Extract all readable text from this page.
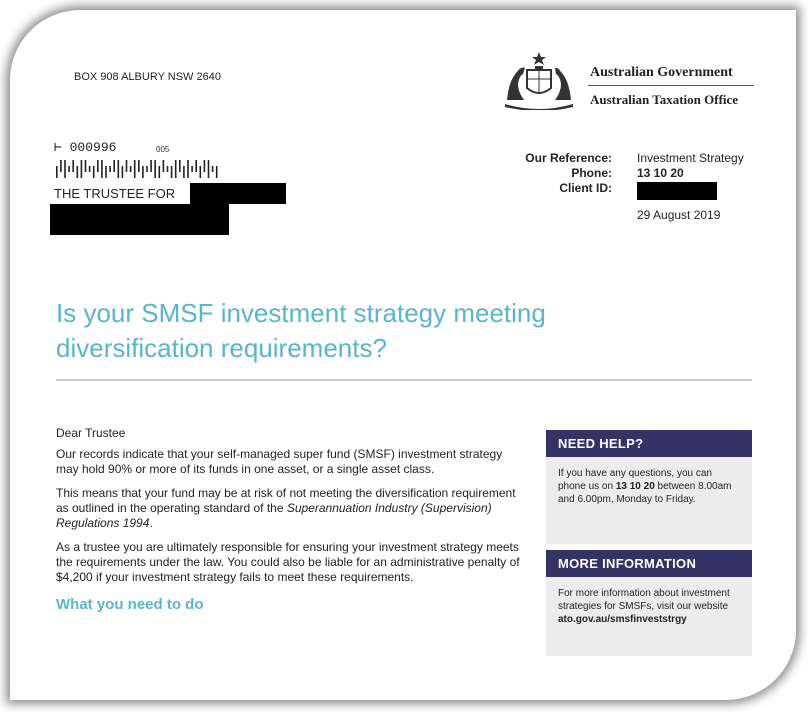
BOX 908 ALBURY NSW 2640	Australian Government
Australian Taxation Office
⊢ 000996	005
THE TRUSTEE FOR
Our Reference:
Phone:
Client ID:
Investment Strategy
13 10 20
29 August 2019
Is your SMSF investment strategy meeting
diversification requirements?

Dear Trustee

Our records indicate that your self-managed super fund (SMSF) investment strategy may hold 90% or more of its funds in one asset, or a single asset class.

This means that your fund may be at risk of not meeting the diversification requirement as outlined in the operating standard of the Superannuation Industry (Supervision) Regulations 1994.

As a trustee you are ultimately responsible for ensuring your investment strategy meets the requirements under the law. You could also be liable for an administrative penalty of $4,200 if your investment strategy fails to meet these requirements.

What you need to do

NEED HELP?
If you have any questions, you can phone us on 13 10 20 between 8.00am and 6.00pm, Monday to Friday.
MORE INFORMATION
For more information about investment strategies for SMSFs, visit our website
ato.gov.au/smsfinveststrgy
